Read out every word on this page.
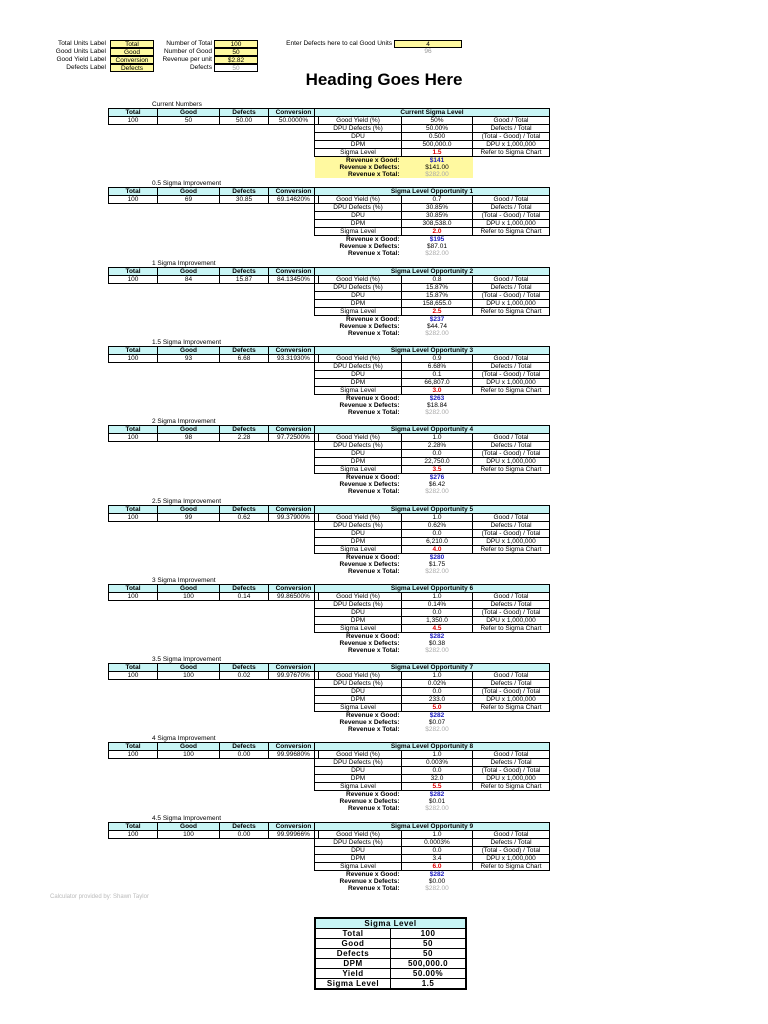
Total Units Label	Total
Good Units Label	Good
Good Yield Label	Conversion
Defects Label	Defects
Number of Total	100
Number of Good	50
Revenue per unit	$2.82
Defects	50
Enter Defects here to cal Good Units	4
96
Heading Goes Here
Current Numbers
Total	Good	Defects	Conversion
100	50	50.00	50.0000%
Current Sigma Level		
Good Yield (%)	50%	Good / Total
DPU Defects (%)	50.00%	Defects / Total
DPU	0.500	(Total - Good) / Total
DPM	500,000.0	DPU x 1,000,000
Sigma Level	1.5	Refer to Sigma Chart
Revenue x Good:	$141	
Revenue x Defects:	$141.00	
Revenue x Total:	$282.00	
0.5 Sigma Improvement
Total	Good	Defects	Conversion
100	69	30.85	69.14620%
Sigma Level Opportunity 1		
Good Yield (%)	0.7	Good / Total
DPU Defects (%)	30.85%	Defects / Total
DPU	30.85%	(Total - Good) / Total
DPM	308,538.0	DPU x 1,000,000
Sigma Level	2.0	Refer to Sigma Chart
Revenue x Good:	$195	
Revenue x Defects:	$87.01	
Revenue x Total:	$282.00	
1 Sigma Improvement
Total	Good	Defects	Conversion
100	84	15.87	84.13450%
Sigma Level Opportunity 2		
Good Yield (%)	0.8	Good / Total
DPU Defects (%)	15.87%	Defects / Total
DPU	15.87%	(Total - Good) / Total
DPM	158,655.0	DPU x 1,000,000
Sigma Level	2.5	Refer to Sigma Chart
Revenue x Good:	$237	
Revenue x Defects:	$44.74	
Revenue x Total:	$282.00	
1.5 Sigma Improvement
Total	Good	Defects	Conversion
100	93	6.68	93.31930%
Sigma Level Opportunity 3		
Good Yield (%)	0.9	Good / Total
DPU Defects (%)	6.68%	Defects / Total
DPU	0.1	(Total - Good) / Total
DPM	66,807.0	DPU x 1,000,000
Sigma Level	3.0	Refer to Sigma Chart
Revenue x Good:	$263	
Revenue x Defects:	$18.84	
Revenue x Total:	$282.00	
2 Sigma Improvement
Total	Good	Defects	Conversion
100	98	2.28	97.72500%
Sigma Level Opportunity 4		
Good Yield (%)	1.0	Good / Total
DPU Defects (%)	2.28%	Defects / Total
DPU	0.0	(Total - Good) / Total
DPM	22,750.0	DPU x 1,000,000
Sigma Level	3.5	Refer to Sigma Chart
Revenue x Good:	$276	
Revenue x Defects:	$6.42	
Revenue x Total:	$282.00	
2.5 Sigma Improvement
Total	Good	Defects	Conversion
100	99	0.62	99.37900%
Sigma Level Opportunity 5		
Good Yield (%)	1.0	Good / Total
DPU Defects (%)	0.62%	Defects / Total
DPU	0.0	(Total - Good) / Total
DPM	6,210.0	DPU x 1,000,000
Sigma Level	4.0	Refer to Sigma Chart
Revenue x Good:	$280	
Revenue x Defects:	$1.75	
Revenue x Total:	$282.00	
3 Sigma Improvement
Total	Good	Defects	Conversion
100	100	0.14	99.86500%
Sigma Level Opportunity 6		
Good Yield (%)	1.0	Good / Total
DPU Defects (%)	0.14%	Defects / Total
DPU	0.0	(Total - Good) / Total
DPM	1,350.0	DPU x 1,000,000
Sigma Level	4.5	Refer to Sigma Chart
Revenue x Good:	$282	
Revenue x Defects:	$0.38	
Revenue x Total:	$282.00	
3.5 Sigma Improvement
Total	Good	Defects	Conversion
100	100	0.02	99.97670%
Sigma Level Opportunity 7		
Good Yield (%)	1.0	Good / Total
DPU Defects (%)	0.02%	Defects / Total
DPU	0.0	(Total - Good) / Total
DPM	233.0	DPU x 1,000,000
Sigma Level	5.0	Refer to Sigma Chart
Revenue x Good:	$282	
Revenue x Defects:	$0.07	
Revenue x Total:	$282.00	
4 Sigma Improvement
Total	Good	Defects	Conversion
100	100	0.00	99.99680%
Sigma Level Opportunity 8		
Good Yield (%)	1.0	Good / Total
DPU Defects (%)	0.003%	Defects / Total
DPU	0.0	(Total - Good) / Total
DPM	32.0	DPU x 1,000,000
Sigma Level	5.5	Refer to Sigma Chart
Revenue x Good:	$282	
Revenue x Defects:	$0.01	
Revenue x Total:	$282.00	
4.5 Sigma Improvement
Total	Good	Defects	Conversion
100	100	0.00	99.99966%
Sigma Level Opportunity 9		
Good Yield (%)	1.0	Good / Total
DPU Defects (%)	0.0003%	Defects / Total
DPU	0.0	(Total - Good) / Total
DPM	3.4	DPU x 1,000,000
Sigma Level	6.0	Refer to Sigma Chart
Revenue x Good:	$282	
Revenue x Defects:	$0.00	
Revenue x Total:	$282.00	
Calculator provided by: Shawn Taylor
Sigma Level	
Total	100
Good	50
Defects	50
DPM	500,000.0
Yield	50.00%
Sigma Level	1.5
